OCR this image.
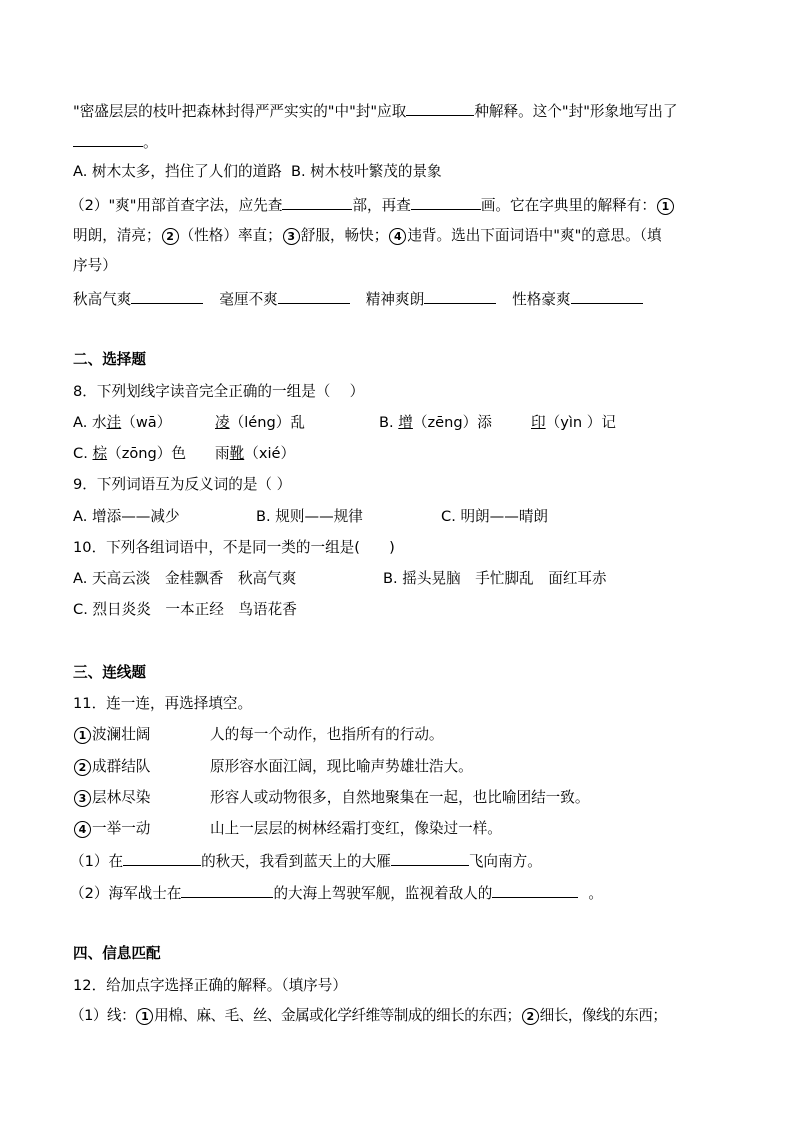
"密盛层层的枝叶把森林封得严严实实的"中"封"应取	种解释。这个"封"形象地写出了
。
A. 树木太多，挡住了人们的道路 B. 树木枝叶繁茂的景象
（2）"爽"用部首查字法，应先查	部，再查	画。它在字典里的解释有： 1
明朗，清亮； 2 （性格）率直； 3 舒服，畅快； 4 违背。选出下面词语中"爽"的意思。（填
序号）
秋高气爽	毫厘不爽	精神爽朗	性格豪爽
二、选择题
8．下列划线字读音完全正确的一组是（　 ）
A. 水洼（wā）	凌（léng）乱	B. 增（zēng）添	印（yìn ）记
C. 棕（zōng）色 雨靴（xié）
9．下列词语互为反义词的是（ ）
A. 增添——减少	B. 规则——规律	C. 明朗——晴朗
10．下列各组词语中，不是同一类的一组是(　　)
A. 天高云淡　金桂飘香　秋高气爽	B. 摇头晃脑　手忙脚乱　面红耳赤
C. 烈日炎炎　一本正经　鸟语花香
三、连线题
11．连一连，再选择填空。
1 波澜壮阔	人的每一个动作，也指所有的行动。
2 成群结队	原形容水面江阔，现比喻声势雄壮浩大。
3 层林尽染	形容人或动物很多，自然地聚集在一起，也比喻团结一致。
4 一举一动	山上一层层的树林经霜打变红，像染过一样。
（1）在	的秋天，我看到蓝天上的大雁	飞向南方。
（2）海军战士在	的大海上驾驶军舰，监视着敌人的	。
四、信息匹配
12．给加点字选择正确的解释。（填序号）
（1）线： 1 用棉、麻、毛、丝、金属或化学纤维等制成的细长的东西； 2 细长，像线的东西；
